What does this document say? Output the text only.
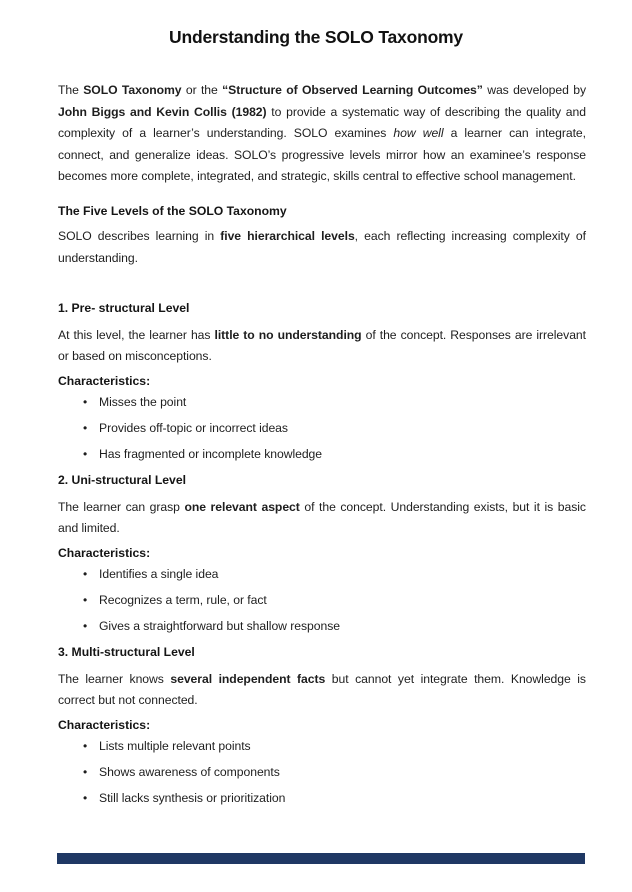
Understanding the SOLO Taxonomy

The SOLO Taxonomy or the “Structure of Observed Learning Outcomes” was developed by John Biggs and Kevin Collis (1982) to provide a systematic way of describing the quality and complexity of a learner’s understanding. SOLO examines how well a learner can integrate, connect, and generalize ideas. SOLO’s progressive levels mirror how an examinee’s response becomes more complete, integrated, and strategic, skills central to effective school management.

The Five Levels of the SOLO Taxonomy

SOLO describes learning in five hierarchical levels, each reflecting increasing complexity of understanding.

1. Pre- structural Level

At this level, the learner has little to no understanding of the concept. Responses are irrelevant or based on misconceptions.

Characteristics:

• Misses the point
• Provides off-topic or incorrect ideas
• Has fragmented or incomplete knowledge
2. Uni-structural Level

The learner can grasp one relevant aspect of the concept. Understanding exists, but it is basic and limited.

Characteristics:

• Identifies a single idea
• Recognizes a term, rule, or fact
• Gives a straightforward but shallow response
3. Multi-structural Level

The learner knows several independent facts but cannot yet integrate them. Knowledge is correct but not connected.

Characteristics:

• Lists multiple relevant points
• Shows awareness of components
• Still lacks synthesis or prioritization
